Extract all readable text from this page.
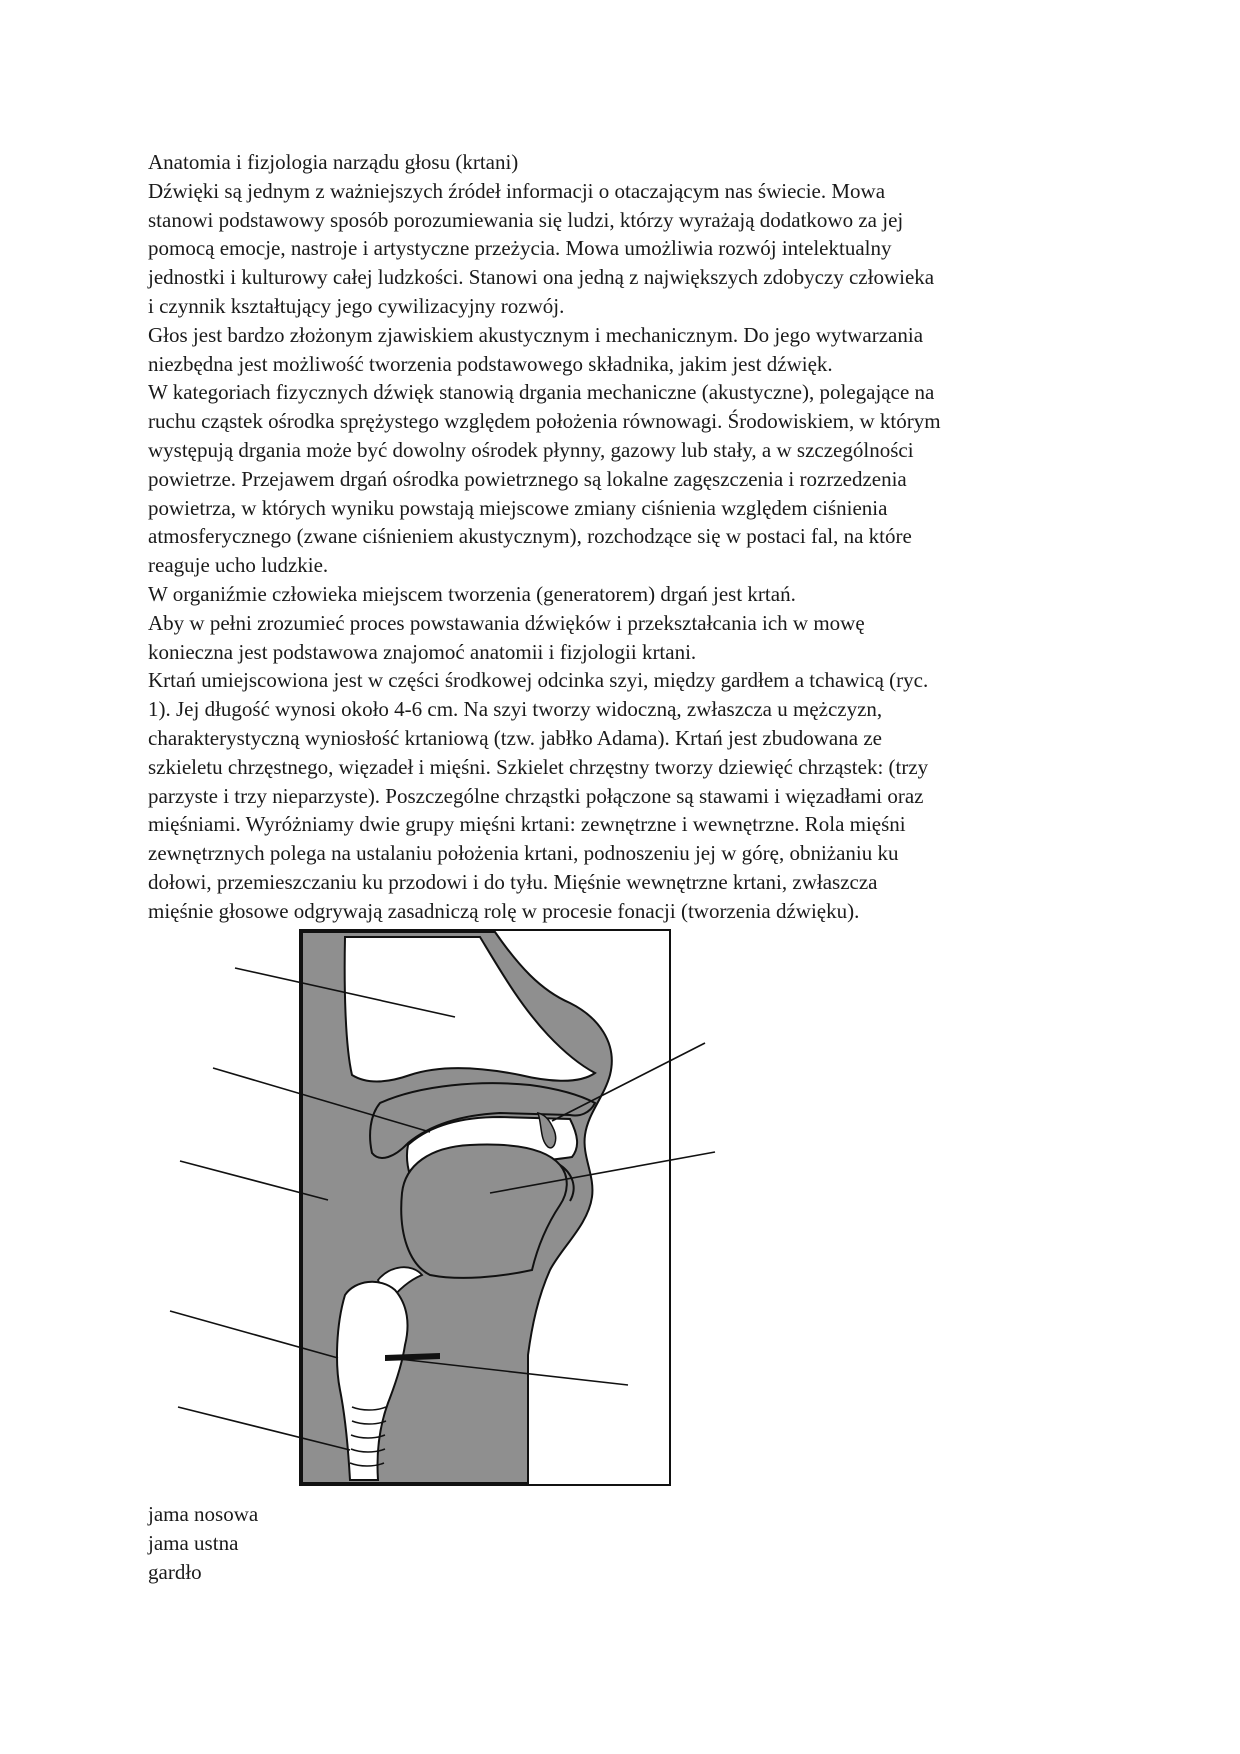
Anatomia i fizjologia narządu głosu (krtani)
Dźwięki są jednym z ważniejszych źródeł informacji o otaczającym nas świecie. Mowa
stanowi podstawowy sposób porozumiewania się ludzi, którzy wyrażają dodatkowo za jej
pomocą emocje, nastroje i artystyczne przeżycia. Mowa umożliwia rozwój intelektualny
jednostki i kulturowy całej ludzkości. Stanowi ona jedną z największych zdobyczy człowieka
i czynnik kształtujący jego cywilizacyjny rozwój.
Głos jest bardzo złożonym zjawiskiem akustycznym i mechanicznym. Do jego wytwarzania
niezbędna jest możliwość tworzenia podstawowego składnika, jakim jest dźwięk.
W kategoriach fizycznych dźwięk stanowią drgania mechaniczne (akustyczne), polegające na
ruchu cząstek ośrodka sprężystego względem położenia równowagi. Środowiskiem, w którym
występują drgania może być dowolny ośrodek płynny, gazowy lub stały, a w szczególności
powietrze. Przejawem drgań ośrodka powietrznego są lokalne zagęszczenia i rozrzedzenia
powietrza, w których wyniku powstają miejscowe zmiany ciśnienia względem ciśnienia
atmosferycznego (zwane ciśnieniem akustycznym), rozchodzące się w postaci fal, na które
reaguje ucho ludzkie.
W organiźmie człowieka miejscem tworzenia (generatorem) drgań jest krtań.
Aby w pełni zrozumieć proces powstawania dźwięków i przekształcania ich w mowę
konieczna jest podstawowa znajomoć anatomii i fizjologii krtani.
Krtań umiejscowiona jest w części środkowej odcinka szyi, między gardłem a tchawicą (ryc.
1). Jej długość wynosi około 4-6 cm. Na szyi tworzy widoczną, zwłaszcza u mężczyzn,
charakterystyczną wyniosłość krtaniową (tzw. jabłko Adama). Krtań jest zbudowana ze
szkieletu chrzęstnego, więzadeł i mięśni. Szkielet chrzęstny tworzy dziewięć chrząstek: (trzy
parzyste i trzy nieparzyste). Poszczególne chrząstki połączone są stawami i więzadłami oraz
mięśniami. Wyróżniamy dwie grupy mięśni krtani: zewnętrzne i wewnętrzne. Rola mięśni
zewnętrznych polega na ustalaniu położenia krtani, podnoszeniu jej w górę, obniżaniu ku
dołowi, przemieszczaniu ku przodowi i do tyłu. Mięśnie wewnętrzne krtani, zwłaszcza
mięśnie głosowe odgrywają zasadniczą rolę w procesie fonacji (tworzenia dźwięku).
jama nosowa
jama ustna
gardło
